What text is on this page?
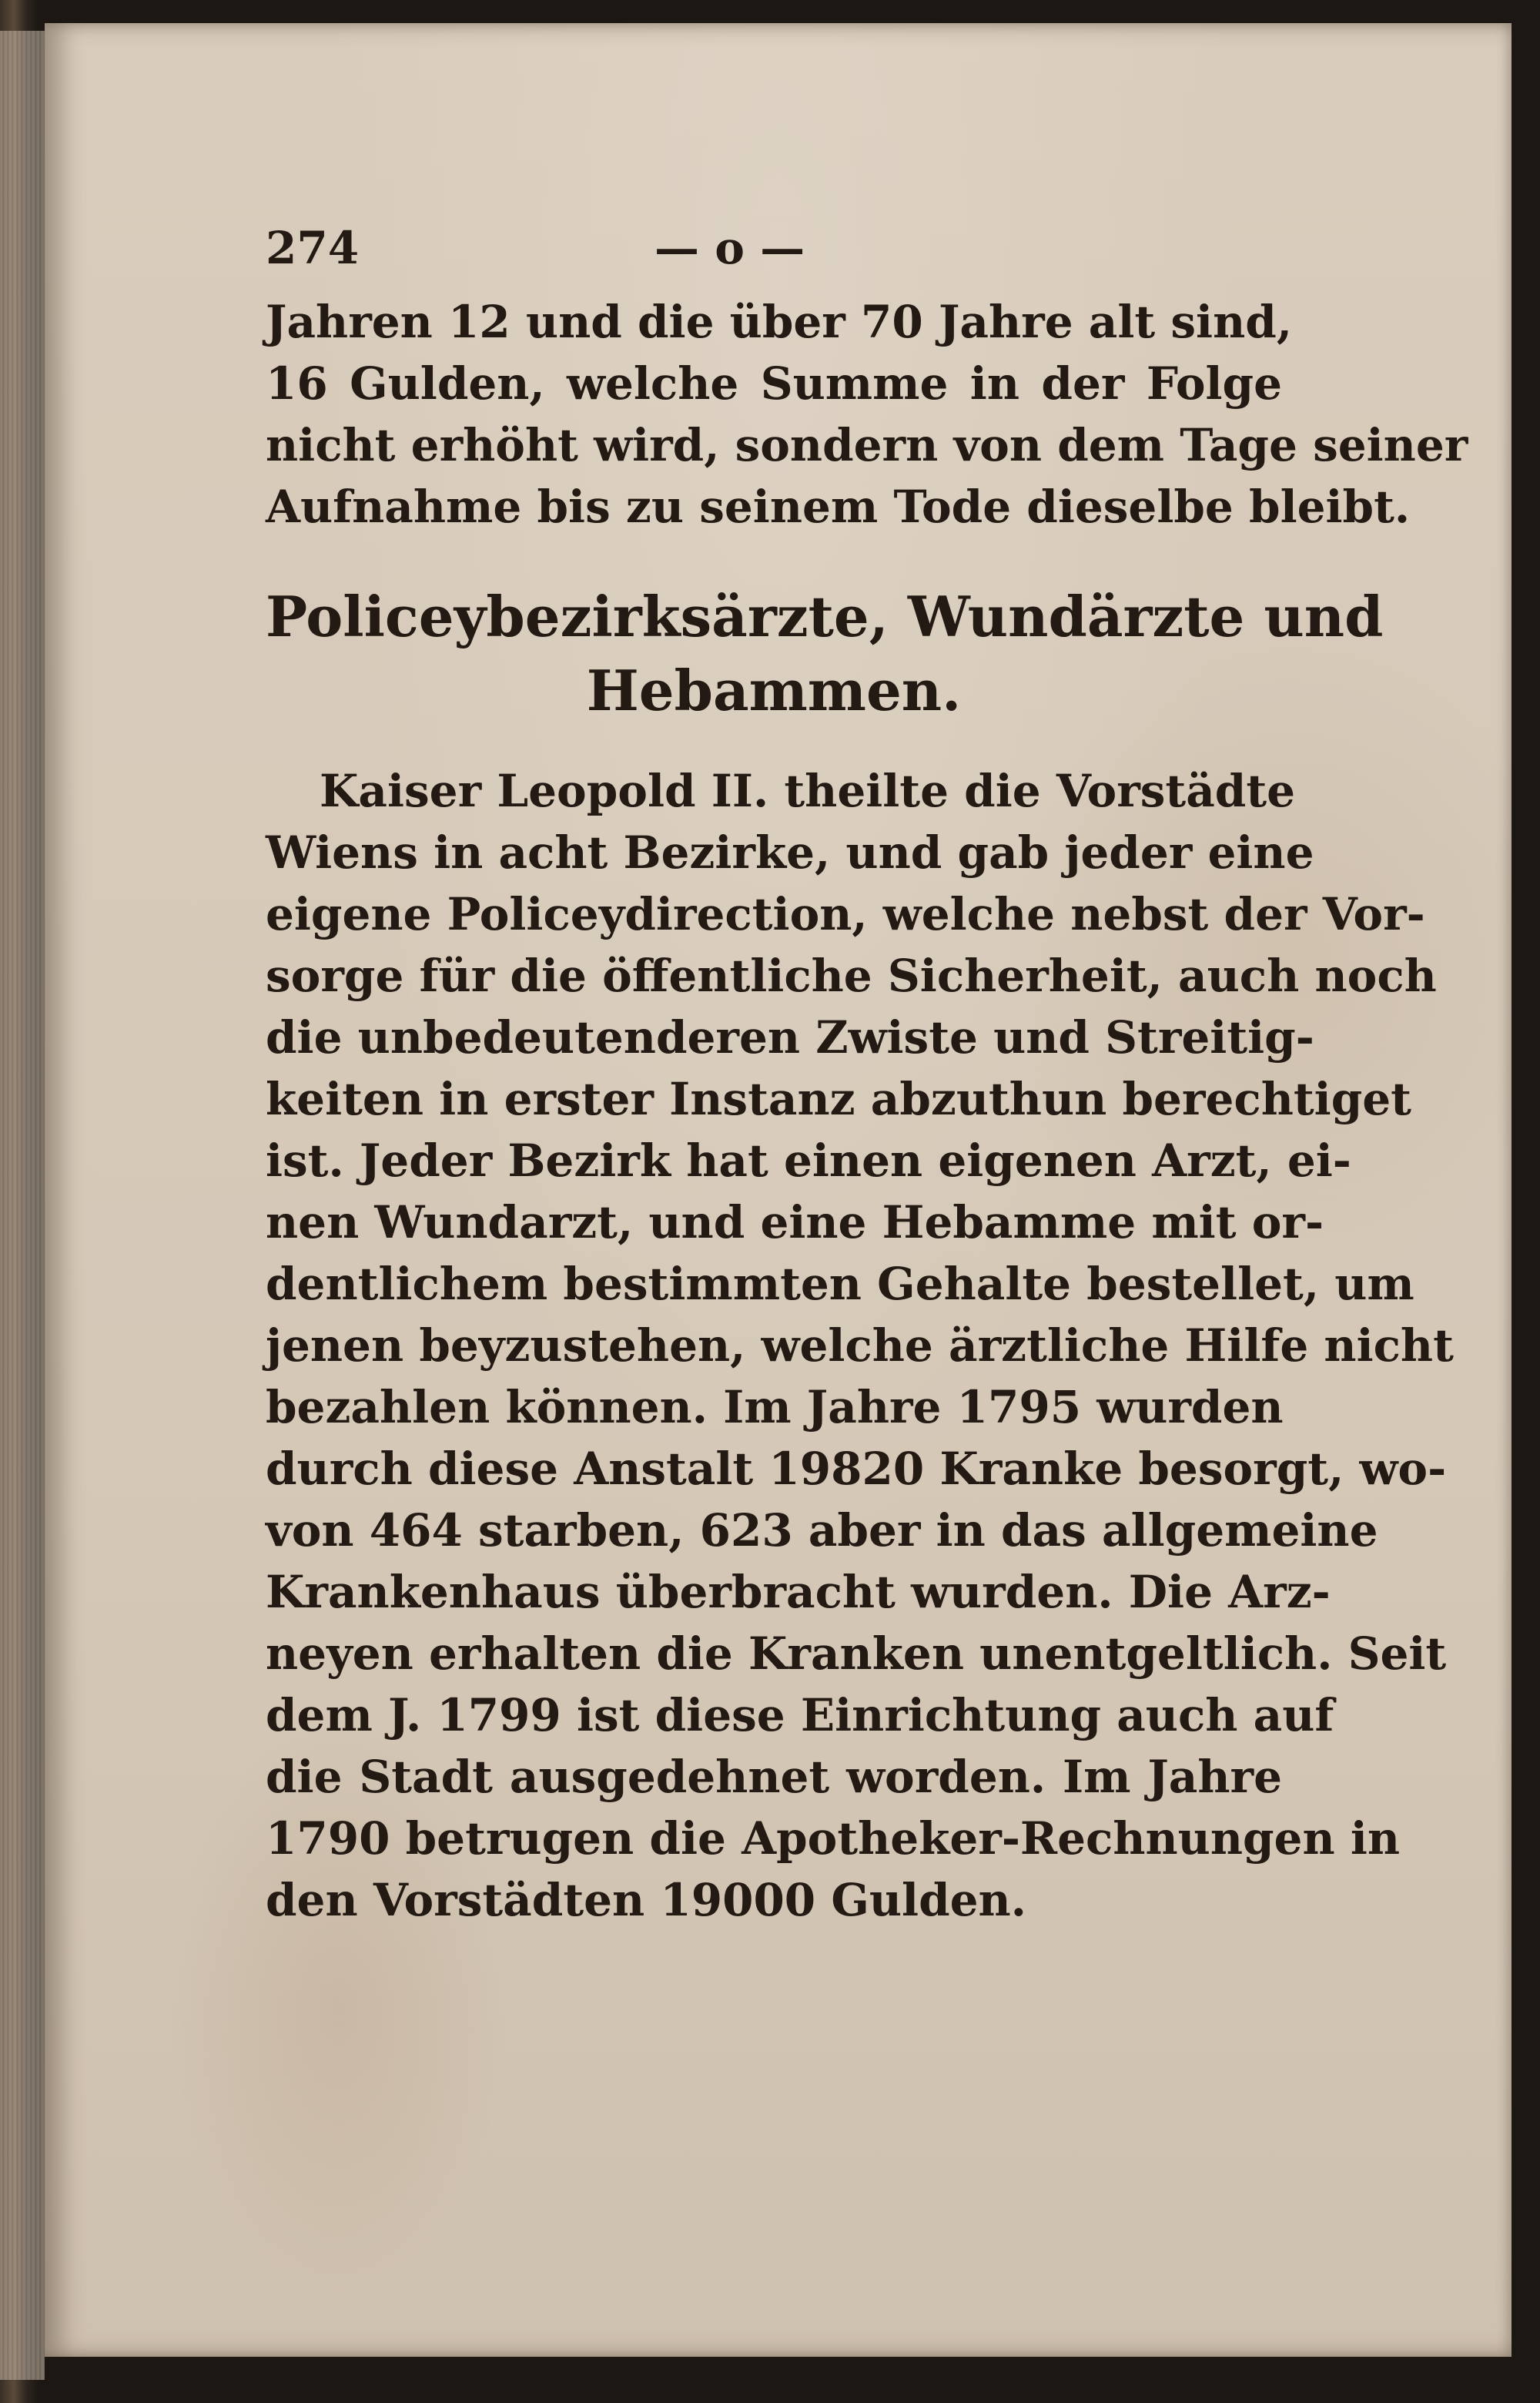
274	— o —
Jahren 12 und die über 70 Jahre alt sind,
16 Gulden, welche Summe in der Folge
nicht erhöht wird, sondern von dem Tage seiner
Aufnahme bis zu seinem Tode dieselbe bleibt.
Policeybezirksärzte, Wundärzte und
Hebammen.
Kaiser Leopold II. theilte die Vorstädte
Wiens in acht Bezirke, und gab jeder eine
eigene Policeydirection, welche nebst der Vor-
sorge für die öffentliche Sicherheit, auch noch
die unbedeutenderen Zwiste und Streitig-
keiten in erster Instanz abzuthun berechtiget
ist. Jeder Bezirk hat einen eigenen Arzt, ei-
nen Wundarzt, und eine Hebamme mit or-
dentlichem bestimmten Gehalte bestellet, um
jenen beyzustehen, welche ärztliche Hilfe nicht
bezahlen können. Im Jahre 1795 wurden
durch diese Anstalt 19820 Kranke besorgt, wo-
von 464 starben, 623 aber in das allgemeine
Krankenhaus überbracht wurden. Die Arz-
neyen erhalten die Kranken unentgeltlich. Seit
dem J. 1799 ist diese Einrichtung auch auf
die Stadt ausgedehnet worden. Im Jahre
1790 betrugen die Apotheker-Rechnungen in
den Vorstädten 19000 Gulden.
